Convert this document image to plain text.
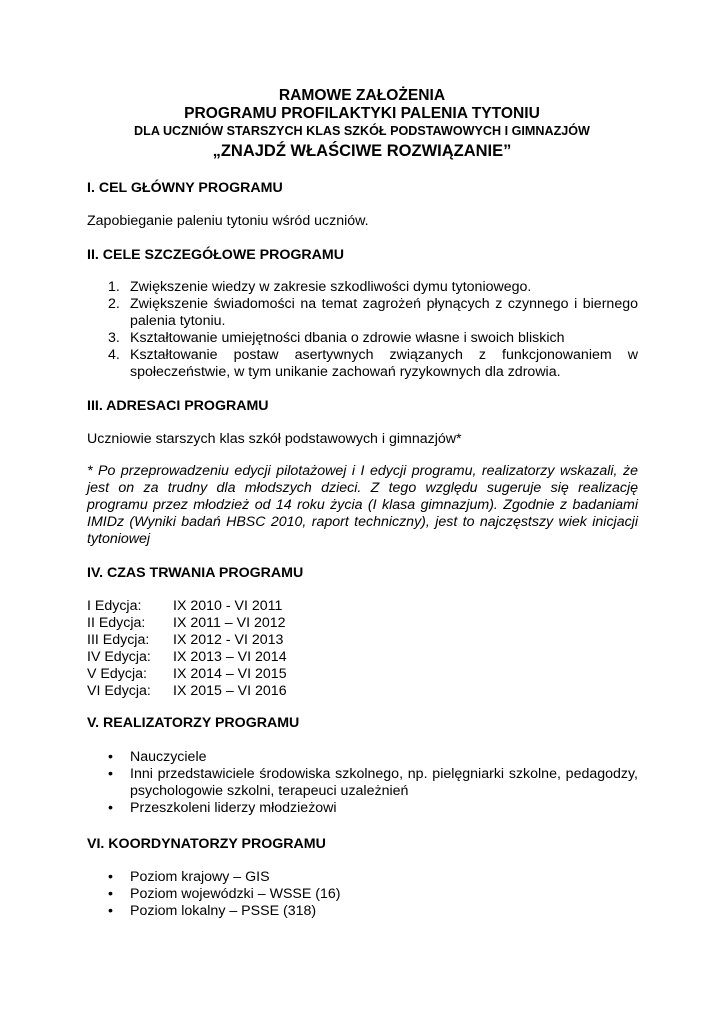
RAMOWE ZAŁOŻENIA
PROGRAMU PROFILAKTYKI PALENIA TYTONIU
DLA UCZNIÓW STARSZYCH KLAS SZKÓŁ PODSTAWOWYCH I GIMNAZJÓW
„ZNAJDŹ WŁAŚCIWE ROZWIĄZANIE”
I. CEL GŁÓWNY PROGRAMU
Zapobieganie paleniu tytoniu wśród uczniów.
II. CELE SZCZEGÓŁOWE PROGRAMU
1. Zwiększenie wiedzy w zakresie szkodliwości dymu tytoniowego.
2. Zwiększenie świadomości na temat zagrożeń płynących z czynnego i biernego palenia tytoniu.
3. Kształtowanie umiejętności dbania o zdrowie własne i swoich bliskich
4. Kształtowanie postaw asertywnych związanych z funkcjonowaniem w społeczeństwie, w tym unikanie zachowań ryzykownych dla zdrowia.
III. ADRESACI PROGRAMU
Uczniowie starszych klas szkół podstawowych i gimnazjów*
* Po przeprowadzeniu edycji pilotażowej i I edycji programu, realizatorzy wskazali, że jest on za trudny dla młodszych dzieci. Z tego względu sugeruje się realizację programu przez młodzież od 14 roku życia (I klasa gimnazjum). Zgodnie z badaniami IMIDz (Wyniki badań HBSC 2010, raport techniczny), jest to najczęstszy wiek inicjacji tytoniowej
IV. CZAS TRWANIA PROGRAMU
I Edycja:	IX 2010 - VI 2011
II Edycja:	IX 2011 – VI 2012
III Edycja:	IX 2012 - VI 2013
IV Edycja:	IX 2013 – VI 2014
V Edycja:	IX 2014 – VI 2015
VI Edycja:	IX 2015 – VI 2016
V. REALIZATORZY PROGRAMU
• Nauczyciele
• Inni przedstawiciele środowiska szkolnego, np. pielęgniarki szkolne, pedagodzy, psychologowie szkolni, terapeuci uzależnień
• Przeszkoleni liderzy młodzieżowi
VI. KOORDYNATORZY PROGRAMU
• Poziom krajowy – GIS
• Poziom wojewódzki – WSSE (16)
• Poziom lokalny – PSSE (318)
